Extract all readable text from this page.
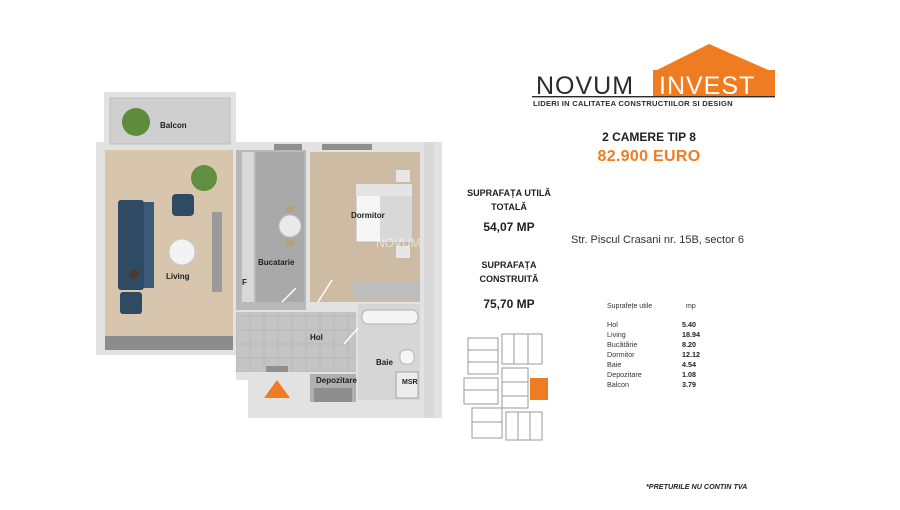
Balcon
Living
Bucatarie
F
Dormitor
Hol
Baie
Depozitare	MSR
NOVUM
NOVUM INVEST
LIDERI IN CALITATEA CONSTRUCTIILOR SI DESIGN
2 CAMERE TIP 8
82.900 EURO
SUPRAFAȚA UTILĂ TOTALĂ
54,07 MP
SUPRAFAȚA CONSTRUITĂ
75,70 MP
Str. Piscul Crasani nr. 15B, sector 6
Suprafețe utile	mp
Hol	5.40
Living	18.94
Bucătărie	8.20
Dormitor	12.12
Baie	4.54
Depozitare	1.08
Balcon	3.79
*PRETURILE NU CONTIN TVA
